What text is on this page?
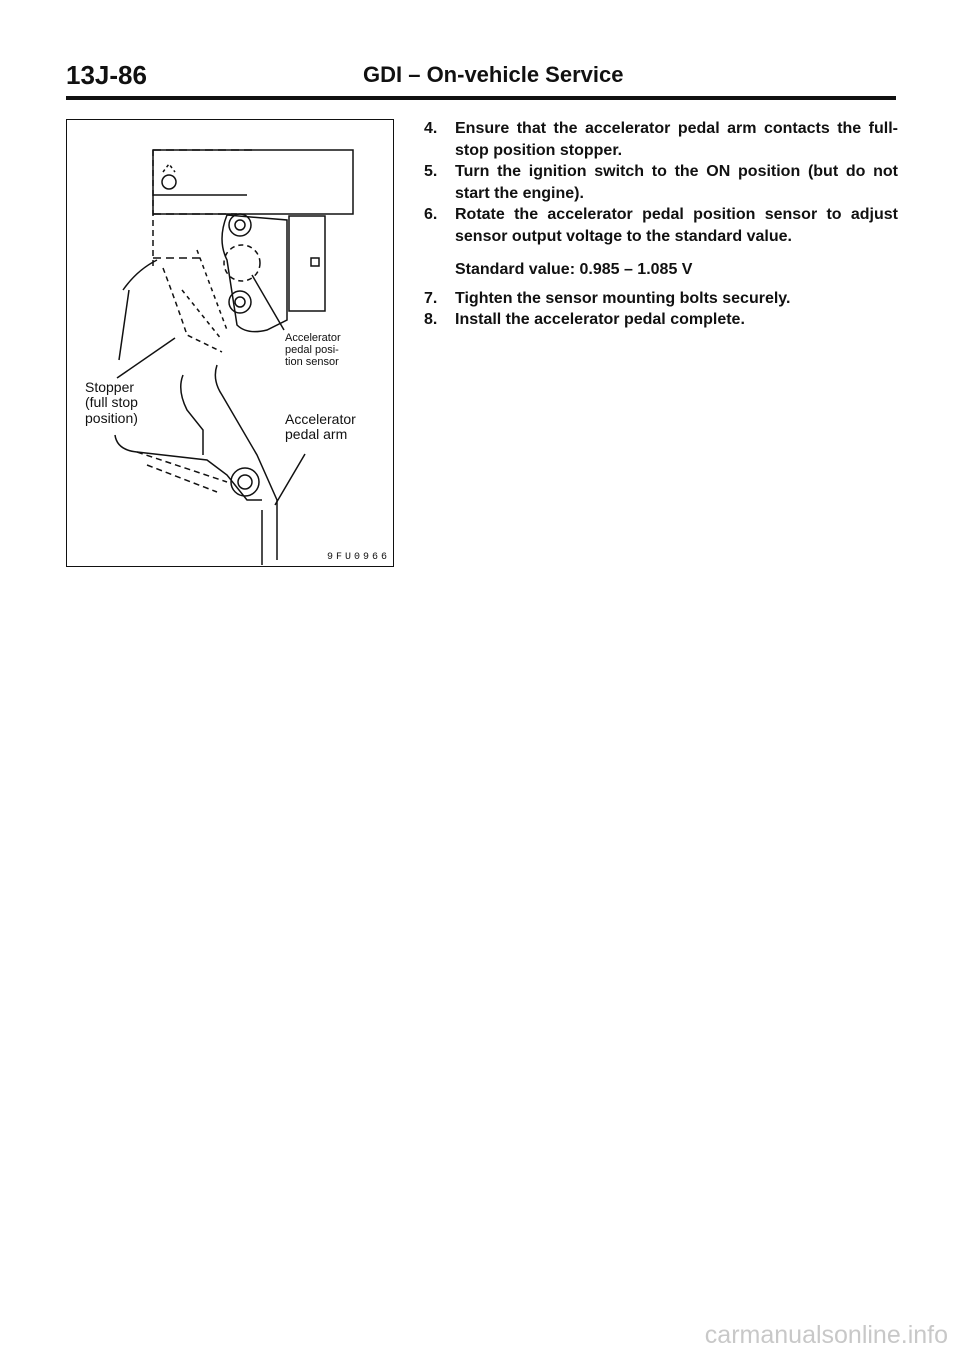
13J-86	GDI – On-vehicle Service
Accelerator
pedal posi-
tion sensor
Accelerator
pedal arm
Stopper
(full stop
position)
9FU0966
4.	Ensure that the accelerator pedal arm contacts the full-stop position stopper.
5.	Turn the ignition switch to the ON position (but do not start the engine).
6.	Rotate the accelerator pedal position sensor to adjust sensor output voltage to the standard value.
Standard value: 0.985 – 1.085 V
7.	Tighten the sensor mounting bolts securely.
8.	Install the accelerator pedal complete.
carmanualsonline.info
